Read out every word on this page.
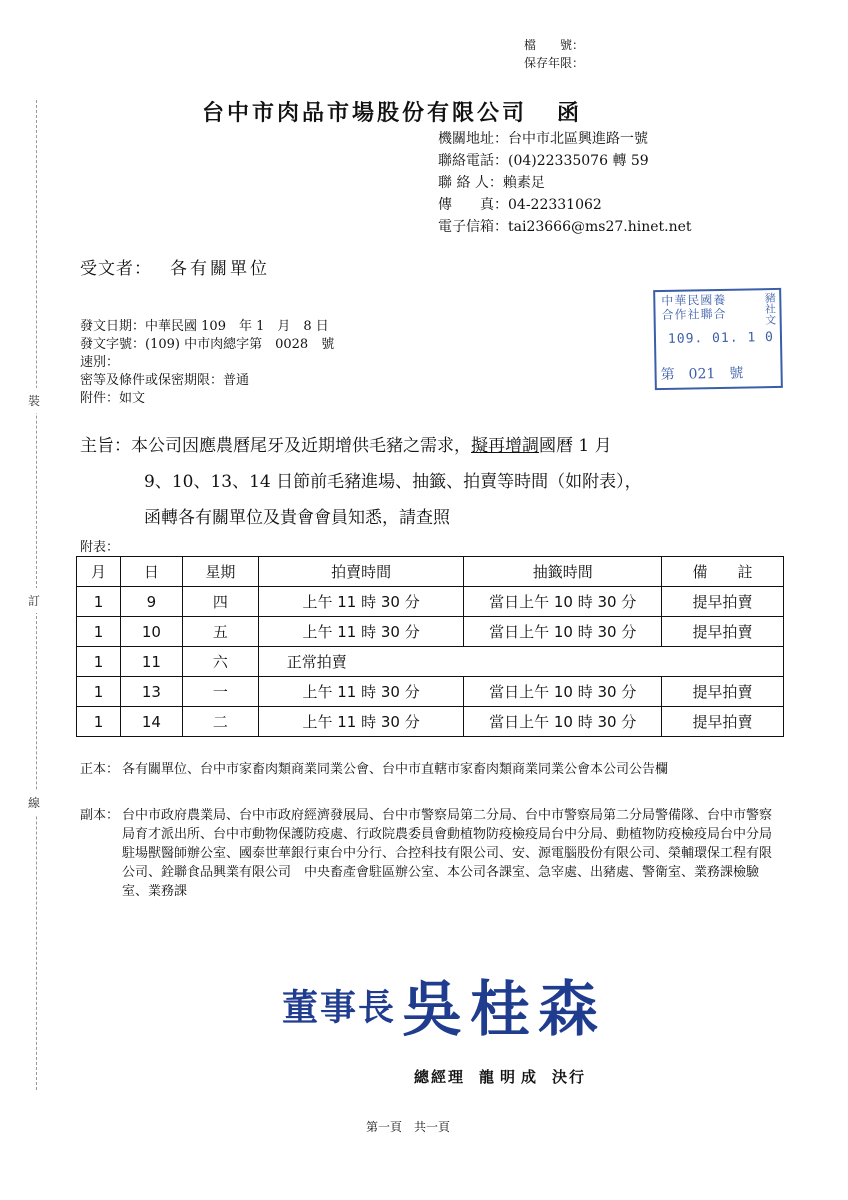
檔　　號：
保存年限：
裝
訂
線
台中市肉品市場股份有限公司 函
機關地址：台中市北區興進路一號
聯絡電話：(04)22335076 轉 59
聯 絡 人：賴素足
傳　　真：04-22331062
電子信箱：tai23666@ms27.hinet.net
受文者： 各有關單位
中華民國養
合作社聯合	豬社文
109. 01. 1 0
第　021　號
發文日期：中華民國 109　年 1　月　8 日
發文字號：(109) 中市肉總字第　0028　號
速別：
密等及條件或保密期限：普通
附件：如文
主旨：本公司因應農曆尾牙及近期增供毛豬之需求，擬再增調國曆 1 月
9、10、13、14 日節前毛豬進場、抽籤、拍賣等時間（如附表），
函轉各有關單位及貴會會員知悉，請查照
附表：
月	日	星期	拍賣時間	抽籤時間	備　　註
1	9	四	上午 11 時 30 分	當日上午 10 時 30 分	提早拍賣
1	10	五	上午 11 時 30 分	當日上午 10 時 30 分	提早拍賣
1	11	六	正常拍賣		
1	13	一	上午 11 時 30 分	當日上午 10 時 30 分	提早拍賣
1	14	二	上午 11 時 30 分	當日上午 10 時 30 分	提早拍賣
正本： 各有關單位、台中市家畜肉類商業同業公會、台中市直轄市家畜肉類商業同業公會本公司公告欄
副本： 台中市政府農業局、台中市政府經濟發展局、台中市警察局第二分局、台中市警察局第二分局警備隊、台中市警察局育才派出所、台中市動物保護防疫處、行政院農委員會動植物防疫檢疫局台中分局、動植物防疫檢疫局台中分局駐場獸醫師辦公室、國泰世華銀行東台中分行、合控科技有限公司、安、源電腦股份有限公司、榮輔環保工程有限公司、銓聯食品興業有限公司　中央畜產會駐區辦公室、本公司各課室、急宰處、出豬處、警衛室、業務課檢驗室、業務課
董事長 吳桂森
總經理 龍明成 決行
第一頁　共一頁
